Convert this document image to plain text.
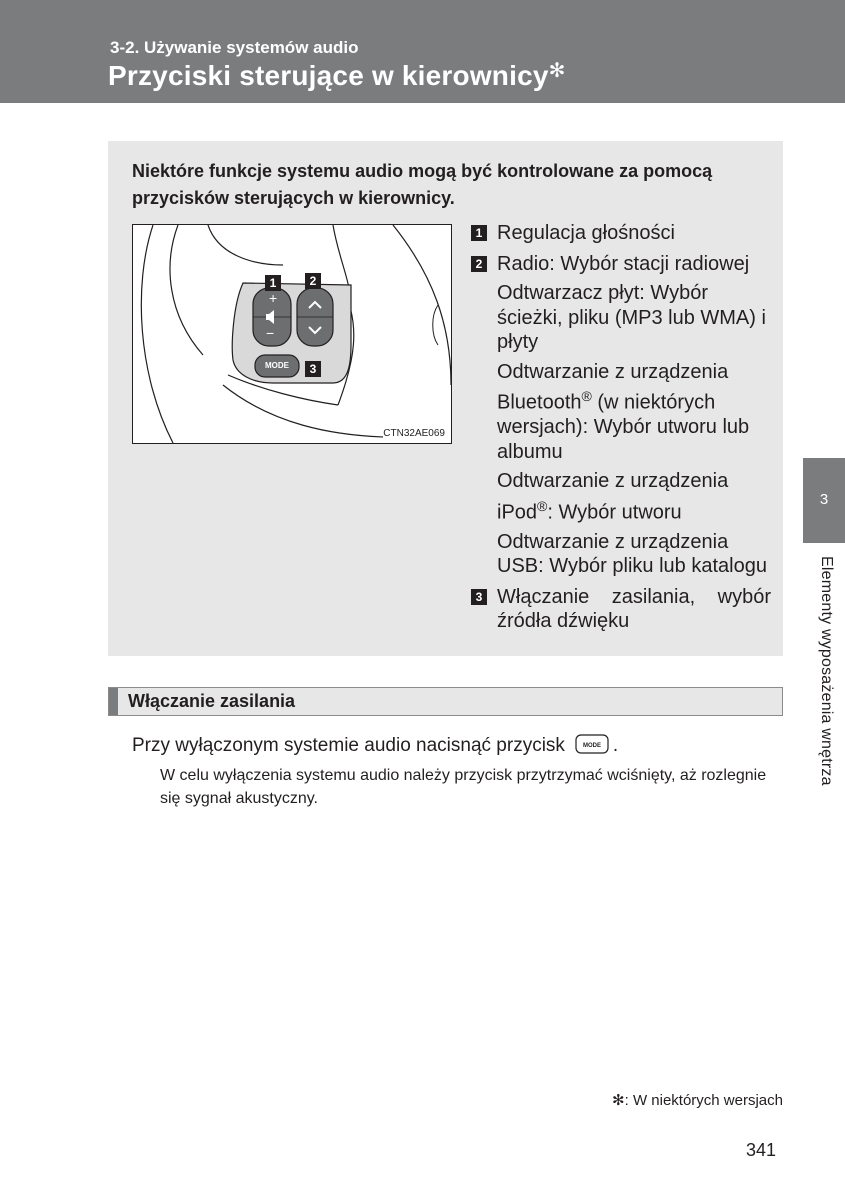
3-2. Używanie systemów audio
Przyciski sterujące w kierownicy✻
Niektóre funkcje systemu audio mogą być kontrolowane za pomocą przycisków sterujących w kierownicy.
1	2
3
+
−
MODE
CTN32AE069
1 Regulacja głośności
2 Radio: Wybór stacji radiowej
Odtwarzacz płyt: Wybór ścieżki, pliku (MP3 lub WMA) i płyty
Odtwarzanie z urządzenia Bluetooth® (w niektórych wersjach): Wybór utworu lub albumu
Odtwarzanie z urządzenia iPod®: Wybór utworu
Odtwarzanie z urządzenia USB: Wybór pliku lub katalogu
3 Włączanie zasilania, wybór
źródła dźwięku
Włączanie zasilania
Przy wyłączonym systemie audio nacisnąć przycisk	MODE .
W celu wyłączenia systemu audio należy przycisk przytrzymać wciśnięty, aż rozlegnie się sygnał akustyczny.
3
Elementy wyposażenia wnętrza
✻: W niektórych wersjach
341
